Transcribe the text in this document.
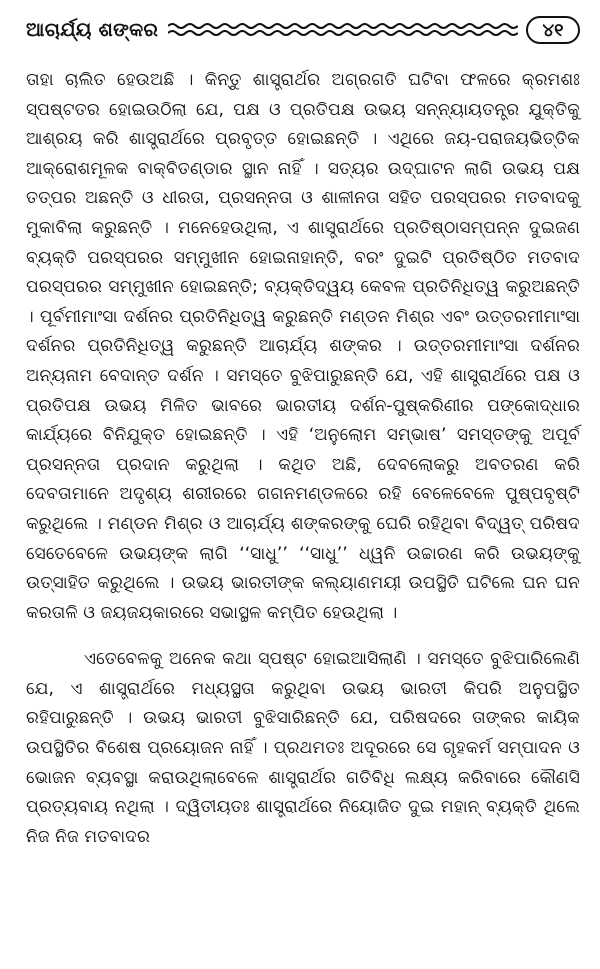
ଆଚାର୍ଯ୍ୟ ଶଙ୍କର	୪୧

ତାହା ଚାଲିତ ହେଉଅଛି । କିନ୍ତୁ ଶାସ୍ତ୍ରାର୍ଥର ଅଗ୍ରଗତି ଘଟିବା ଫଳରେ କ୍ରମଶଃ ସ୍ପଷ୍ଟତର ହୋଇଉଠିଲା ଯେ, ପକ୍ଷ ଓ ପ୍ରତିପକ୍ଷ ଉଭୟ ସନ୍ନ୍ୟାୟତନ୍ତ୍ର ଯୁକ୍ତିକୁ ଆଶ୍ରୟ କରି ଶାସ୍ତ୍ରାର୍ଥରେ ପ୍ରବୃତ୍ତ ହୋଇଛନ୍ତି । ଏଥିରେ ଜୟ-ପରାଜୟଭିତ୍ତିକ ଆକ୍ରୋଶମୂଳକ ବାକ୍‌ବିତଣ୍ଡାର ସ୍ଥାନ ନାହିଁ । ସତ୍ୟର ଉଦ୍‌ଘାଟନ ଲାଗି ଉଭୟ ପକ୍ଷ ତତ୍ପର ଅଛନ୍ତି ଓ ଧୀରତା, ପ୍ରସନ୍ନତା ଓ ଶାଳୀନତା ସହିତ ପରସ୍ପରର ମତବାଦକୁ ମୁକାବିଲା କରୁଛନ୍ତି । ମନେହେଉଥିଲା, ଏ ଶାସ୍ତ୍ରାର୍ଥରେ ପ୍ରତିଷ୍ଠାସମ୍ପନ୍ନ ଦୁଇଜଣ ବ୍ୟକ୍ତି ପରସ୍ପରର ସମ୍ମୁଖୀନ ହୋଇନାହାନ୍ତି, ବରଂ ଦୁଇଟି ପ୍ରତିଷ୍ଠିତ ମତବାଦ ପରସ୍ପରର ସମ୍ମୁଖୀନ ହୋଇଛନ୍ତି; ବ୍ୟକ୍ତିଦ୍ୱୟ କେବଳ ପ୍ରତିନିଧିତ୍ୱ କରୁଅଛନ୍ତି । ପୂର୍ବମୀମାଂସା ଦର୍ଶନର ପ୍ରତିନିଧିତ୍ୱ କରୁଛନ୍ତି ମଣ୍ଡନ ମିଶ୍ର ଏବଂ ଉତ୍ତରମୀମାଂସା ଦର୍ଶନର ପ୍ରତିନିଧିତ୍ୱ କରୁଛନ୍ତି ଆଚାର୍ଯ୍ୟ ଶଙ୍କର । ଉତ୍ତରମୀମାଂସା ଦର୍ଶନର ଅନ୍ୟନାମ ବେଦାନ୍ତ ଦର୍ଶନ । ସମସ୍ତେ ବୁଝିପାରୁଛନ୍ତି ଯେ, ଏହି ଶାସ୍ତ୍ରାର୍ଥରେ ପକ୍ଷ ଓ ପ୍ରତିପକ୍ଷ ଉଭୟ ମିଳିତ ଭାବରେ ଭାରତୀୟ ଦର୍ଶନ-ପୁଷ୍କରିଣୀର ପଙ୍କୋଦ୍ଧାର କାର୍ଯ୍ୟରେ ବିନିଯୁକ୍ତ ହୋଇଛନ୍ତି । ଏହି ‘ଅନୁଲୋମ ସମ୍ଭାଷ’ ସମସ୍ତଙ୍କୁ ଅପୂର୍ବ ପ୍ରସନ୍ନତା ପ୍ରଦାନ କରୁଥିଲା । କଥିତ ଅଛି, ଦେବଲୋକରୁ ଅବତରଣ କରି ଦେବତାମାନେ ଅଦୃଶ୍ୟ ଶରୀରରେ ଗଗନମଣ୍ଡଳରେ ରହି ବେଳେବେଳେ ପୁଷ୍ପବୃଷ୍ଟି କରୁଥିଲେ । ମଣ୍ଡନ ମିଶ୍ର ଓ ଆଚାର୍ଯ୍ୟ ଶଙ୍କରଙ୍କୁ ଘେରି ରହିଥିବା ବିଦ୍ୱତ୍ ପରିଷଦ ସେତେବେଳେ ଉଭୟଙ୍କ ଲାଗି ‘‘ସାଧୁ’’ ‘‘ସାଧୁ’’ ଧ୍ୱନି ଉଚ୍ଚାରଣ କରି ଉଭୟଙ୍କୁ ଉତ୍ସାହିତ କରୁଥିଲେ । ଉଭୟ ଭାରତୀଙ୍କ କଲ୍ୟାଣମୟୀ ଉପସ୍ଥିତି ଘଟିଲେ ଘନ ଘନ କରତାଳି ଓ ଜୟଜୟକାରରେ ସଭାସ୍ଥଳ କମ୍ପିତ ହେଉଥିଲା ।

ଏତେବେଳକୁ ଅନେକ କଥା ସ୍ପଷ୍ଟ ହୋଇଆସିଲାଣି । ସମସ୍ତେ ବୁଝିପାରିଲେଣି ଯେ, ଏ ଶାସ୍ତ୍ରାର୍ଥରେ ମଧ୍ୟସ୍ଥତା କରୁଥିବା ଉଭୟ ଭାରତୀ କିପରି ଅନୁପସ୍ଥିତ ରହିପାରୁଛନ୍ତି । ଉଭୟ ଭାରତୀ ବୁଝିସାରିଛନ୍ତି ଯେ, ପରିଷଦରେ ତାଙ୍କର କାୟିକ ଉପସ୍ଥିତିର ବିଶେଷ ପ୍ରୟୋଜନ ନାହିଁ । ପ୍ରଥମତଃ ଅଦୂରରେ ସେ ଗୃହକର୍ମ ସମ୍ପାଦନ ଓ ଭୋଜନ ବ୍ୟବସ୍ଥା କରାଉଥିଲାବେଳେ ଶାସ୍ତ୍ରାର୍ଥର ଗତିବିଧି ଲକ୍ଷ୍ୟ କରିବାରେ କୌଣସି ପ୍ରତ୍ୟବାୟ ନଥିଲା । ଦ୍ୱିତୀୟତଃ ଶାସ୍ତ୍ରାର୍ଥରେ ନିୟୋଜିତ ଦୁଇ ମହାନ୍ ବ୍ୟକ୍ତି ଥିଲେ ନିଜ ନିଜ ମତବାଦର
